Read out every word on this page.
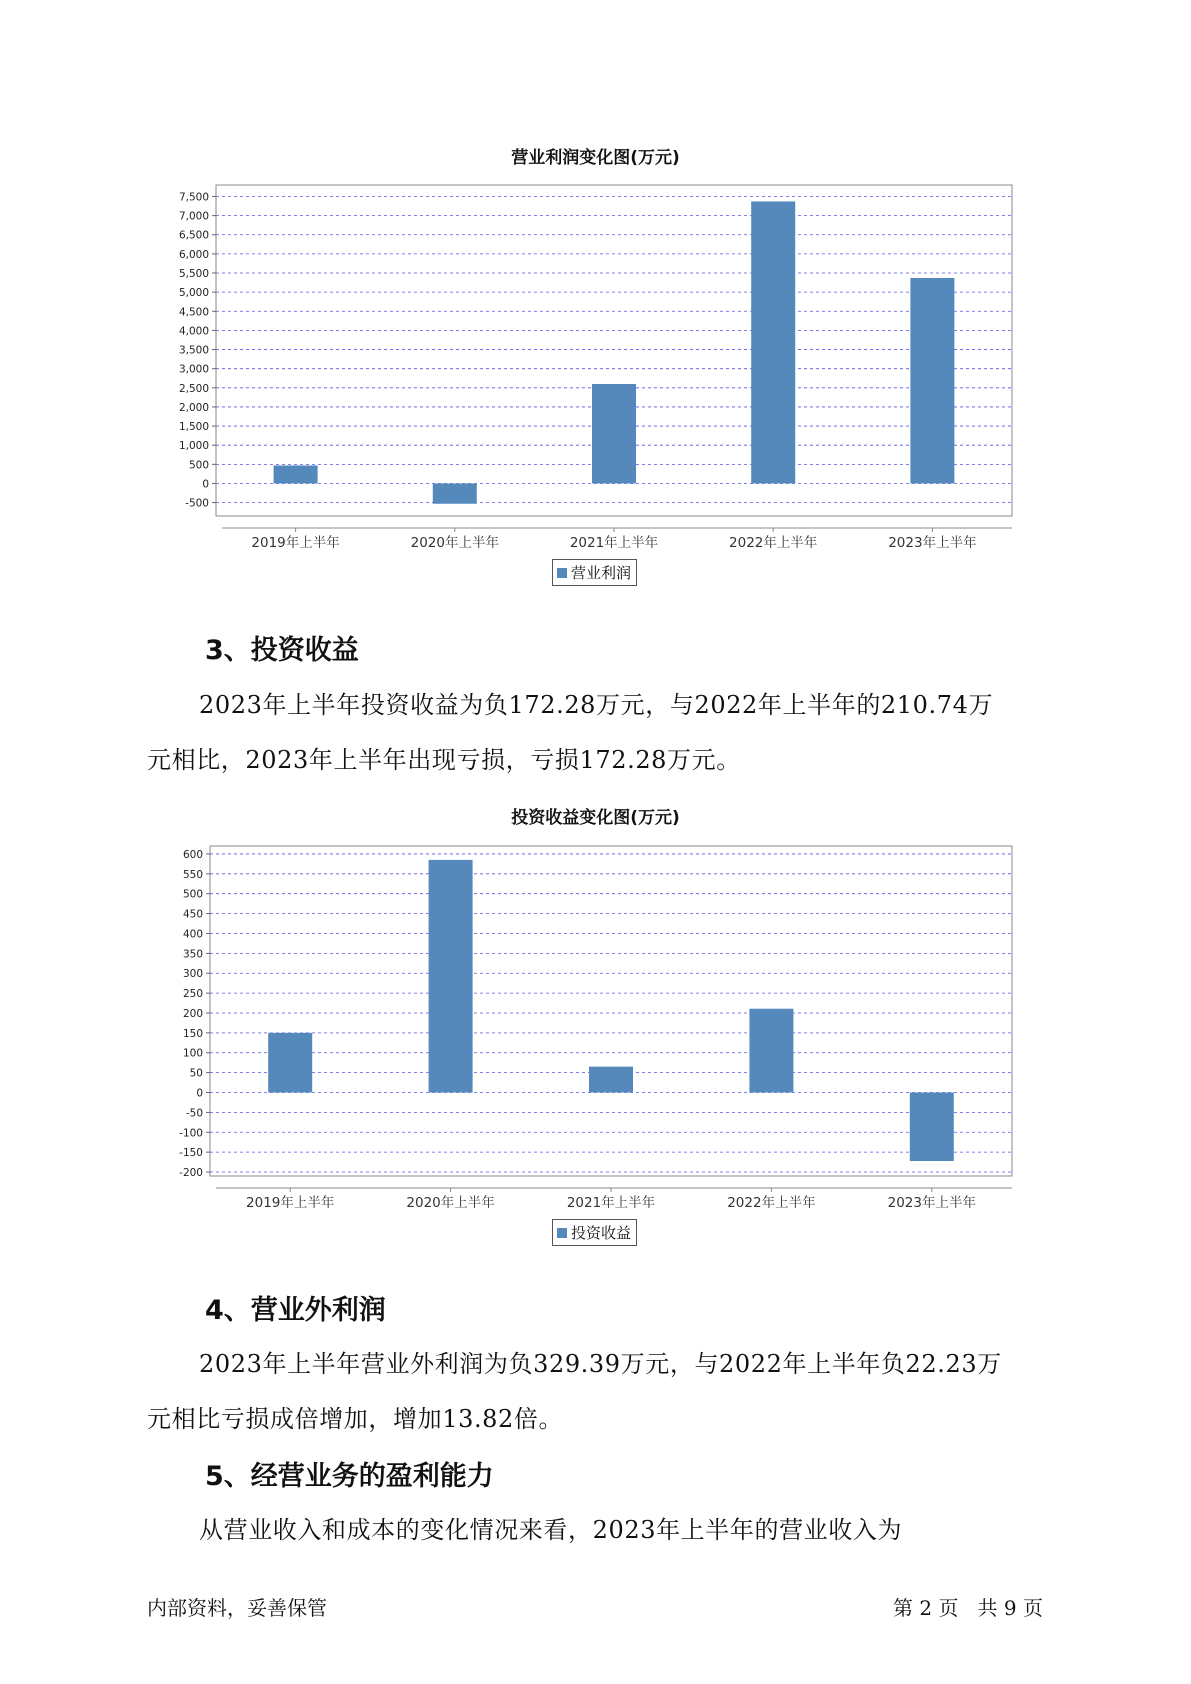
营业利润变化图(万元)
-500
0
500
1,000
1,500
2,000
2,500
3,000
3,500
4,000
4,500
5,000
5,500
6,000
6,500
7,000
7,500
2019年上半年	2020年上半年	2021年上半年	2022年上半年	2023年上半年
营业利润
3、投资收益
2023年上半年投资收益为负172.28万元，与2022年上半年的210.74万
元相比，2023年上半年出现亏损，亏损172.28万元。
投资收益变化图(万元)
-200
-150
-100
-50
0
50
100
150
200
250
300
350
400
450
500
550
600
2019年上半年	2020年上半年	2021年上半年	2022年上半年	2023年上半年
投资收益
4、营业外利润
2023年上半年营业外利润为负329.39万元，与2022年上半年负22.23万
元相比亏损成倍增加，增加13.82倍。
5、经营业务的盈利能力
从营业收入和成本的变化情况来看，2023年上半年的营业收入为
内部资料，妥善保管	第 2 页   共 9 页
